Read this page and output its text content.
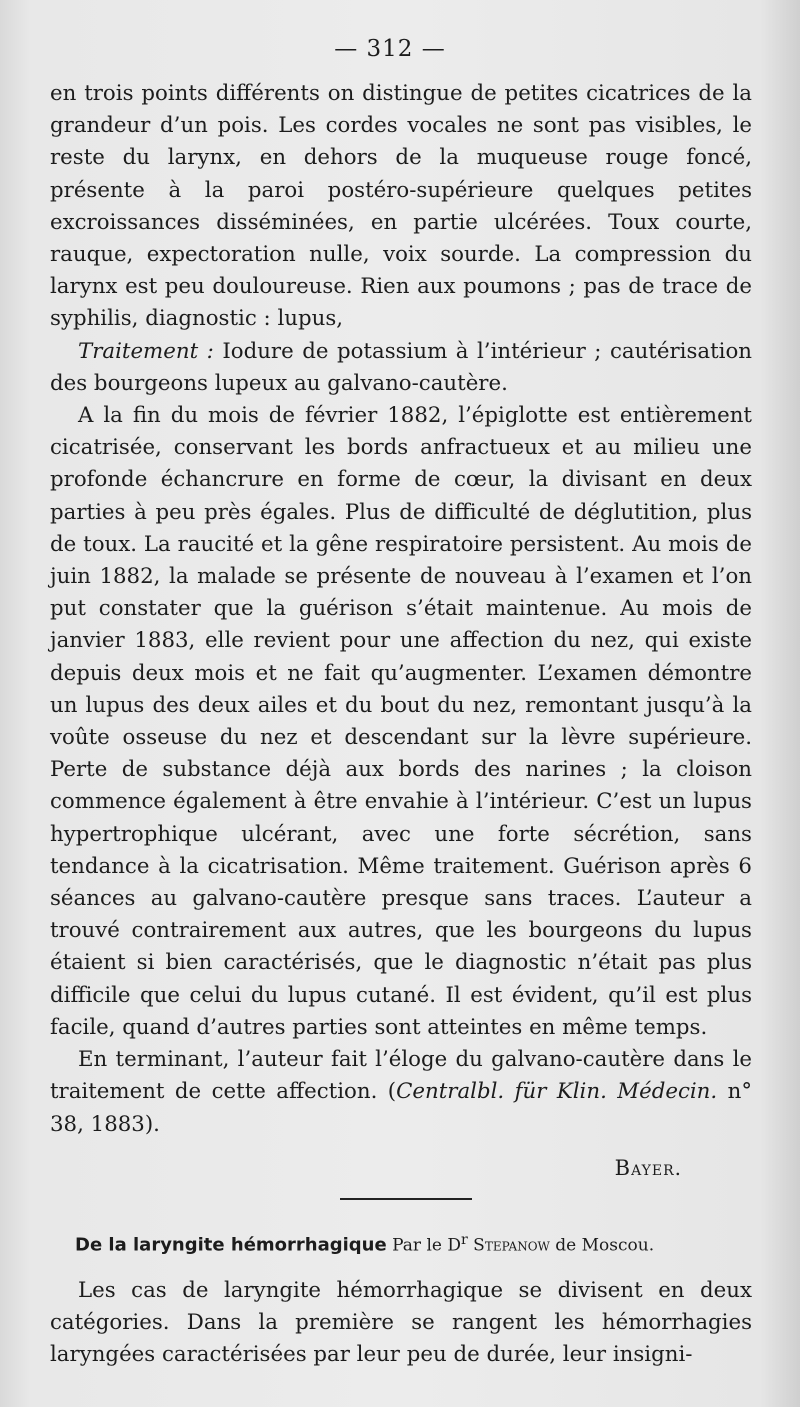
— 312 —

en trois points différents on distingue de petites cicatrices de la grandeur d’un pois. Les cordes vocales ne sont pas visibles, le reste du larynx, en dehors de la muqueuse rouge foncé, présente à la paroi postéro-supérieure quelques petites excroissances disséminées, en partie ulcérées. Toux courte, rauque, expectoration nulle, voix sourde. La compression du larynx est peu douloureuse. Rien aux poumons ; pas de trace de syphilis, diagnostic : lupus,

Traitement : Iodure de potassium à l’intérieur ; cautérisation des bourgeons lupeux au galvano-cautère.

A la fin du mois de février 1882, l’épiglotte est entièrement cicatrisée, conservant les bords anfractueux et au milieu une profonde échancrure en forme de cœur, la divisant en deux parties à peu près égales. Plus de difficulté de déglutition, plus de toux. La raucité et la gêne respiratoire persistent. Au mois de juin 1882, la malade se présente de nouveau à l’examen et l’on put constater que la guérison s’était maintenue. Au mois de janvier 1883, elle revient pour une affection du nez, qui existe depuis deux mois et ne fait qu’augmenter. L’examen démontre un lupus des deux ailes et du bout du nez, remontant jusqu’à la voûte osseuse du nez et descendant sur la lèvre supérieure. Perte de substance déjà aux bords des narines ; la cloison commence également à être envahie à l’intérieur. C’est un lupus hypertrophique ulcérant, avec une forte sécrétion, sans tendance à la cicatrisation. Même traitement. Guérison après 6 séances au galvano-cautère presque sans traces. L’auteur a trouvé contrairement aux autres, que les bourgeons du lupus étaient si bien caractérisés, que le diagnostic n’était pas plus difficile que celui du lupus cutané. Il est évident, qu’il est plus facile, quand d’autres parties sont atteintes en même temps.

En terminant, l’auteur fait l’éloge du galvano-cautère dans le traitement de cette affection. (Centralbl. für Klin. Médecin. n° 38, 1883).

Bayer.
De la laryngite hémorrhagique Par le $D^r$ Stepanow de Moscou.

Les cas de laryngite hémorrhagique se divisent en deux catégories. Dans la première se rangent les hémorrhagies laryngées caractérisées par leur peu de durée, leur insigni-
